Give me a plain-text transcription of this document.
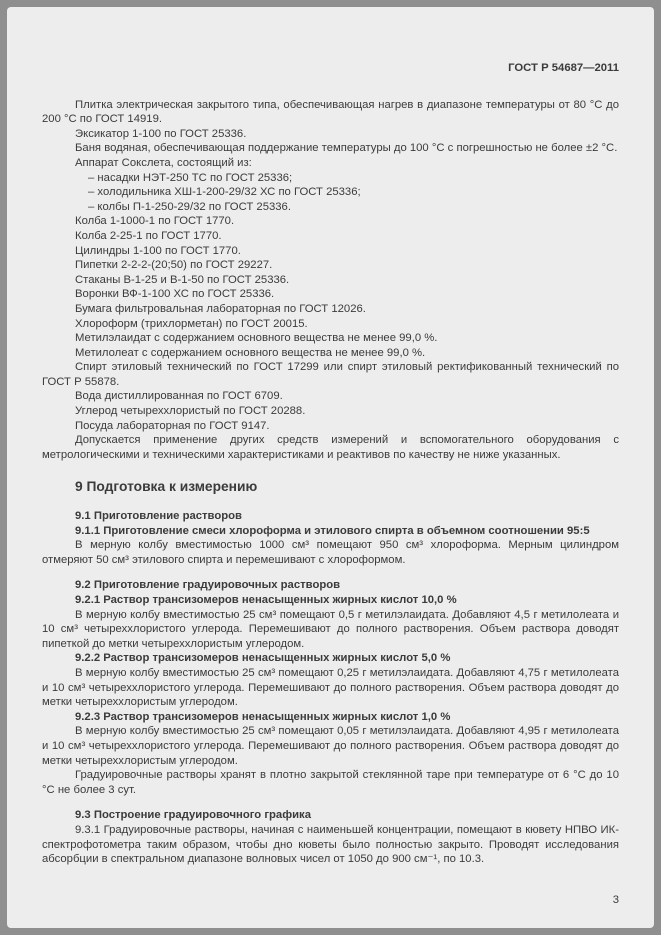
ГОСТ Р 54687—2011

Плитка электрическая закрытого типа, обеспечивающая нагрев в диапазоне температуры от 80 °С до 200 °С по ГОСТ 14919.

Эксикатор 1-100 по ГОСТ 25336.

Баня водяная, обеспечивающая поддержание температуры до 100 °С с погрешностью не более ±2 °С.

Аппарат Сокслета, состоящий из:

– насадки НЭТ-250 ТС по ГОСТ 25336;

– холодильника ХШ-1-200-29/32 ХС по ГОСТ 25336;

– колбы П-1-250-29/32 по ГОСТ 25336.

Колба 1-1000-1 по ГОСТ 1770.

Колба 2-25-1 по ГОСТ 1770.

Цилиндры 1-100 по ГОСТ 1770.

Пипетки 2-2-2-(20;50) по ГОСТ 29227.

Стаканы В-1-25 и В-1-50 по ГОСТ 25336.

Воронки ВФ-1-100 ХС по ГОСТ 25336.

Бумага фильтровальная лабораторная по ГОСТ 12026.

Хлороформ (трихлорметан) по ГОСТ 20015.

Метилэлаидат с содержанием основного вещества не менее 99,0 %.

Метилолеат с содержанием основного вещества не менее 99,0 %.

Спирт этиловый технический по ГОСТ 17299 или спирт этиловый ректификованный технический по ГОСТ Р 55878.

Вода дистиллированная по ГОСТ 6709.

Углерод четыреххлористый по ГОСТ 20288.

Посуда лабораторная по ГОСТ 9147.

Допускается применение других средств измерений и вспомогательного оборудования с метрологическими и техническими характеристиками и реактивов по качеству не ниже указанных.

9 Подготовка к измерению
9.1 Приготовление растворов
9.1.1 Приготовление смеси хлороформа и этилового спирта в объемном соотношении 95:5

В мерную колбу вместимостью 1000 см³ помещают 950 см³ хлороформа. Мерным цилиндром отмеряют 50 см³ этилового спирта и перемешивают с хлороформом.

9.2 Приготовление градуировочных растворов
9.2.1 Раствор трансизомеров ненасыщенных жирных кислот 10,0 %

В мерную колбу вместимостью 25 см³ помещают 0,5 г метилэлаидата. Добавляют 4,5 г метилолеата и 10 см³ четыреххлористого углерода. Перемешивают до полного растворения. Объем раствора доводят пипеткой до метки четыреххлористым углеродом.

9.2.2 Раствор трансизомеров ненасыщенных жирных кислот 5,0 %

В мерную колбу вместимостью 25 см³ помещают 0,25 г метилэлаидата. Добавляют 4,75 г метилолеата и 10 см³ четыреххлористого углерода. Перемешивают до полного растворения. Объем раствора доводят до метки четыреххлористым углеродом.

9.2.3 Раствор трансизомеров ненасыщенных жирных кислот 1,0 %

В мерную колбу вместимостью 25 см³ помещают 0,05 г метилэлаидата. Добавляют 4,95 г метилолеата и 10 см³ четыреххлористого углерода. Перемешивают до полного растворения. Объем раствора доводят до метки четыреххлористым углеродом.

Градуировочные растворы хранят в плотно закрытой стеклянной таре при температуре от 6 °С до 10 °С не более 3 сут.

9.3 Построение градуировочного графика

9.3.1 Градуировочные растворы, начиная с наименьшей концентрации, помещают в кювету НПВО ИК-спектрофотометра таким образом, чтобы дно кюветы было полностью закрыто. Проводят исследования абсорбции в спектральном диапазоне волновых чисел от 1050 до 900 см⁻¹, по 10.3.

3
